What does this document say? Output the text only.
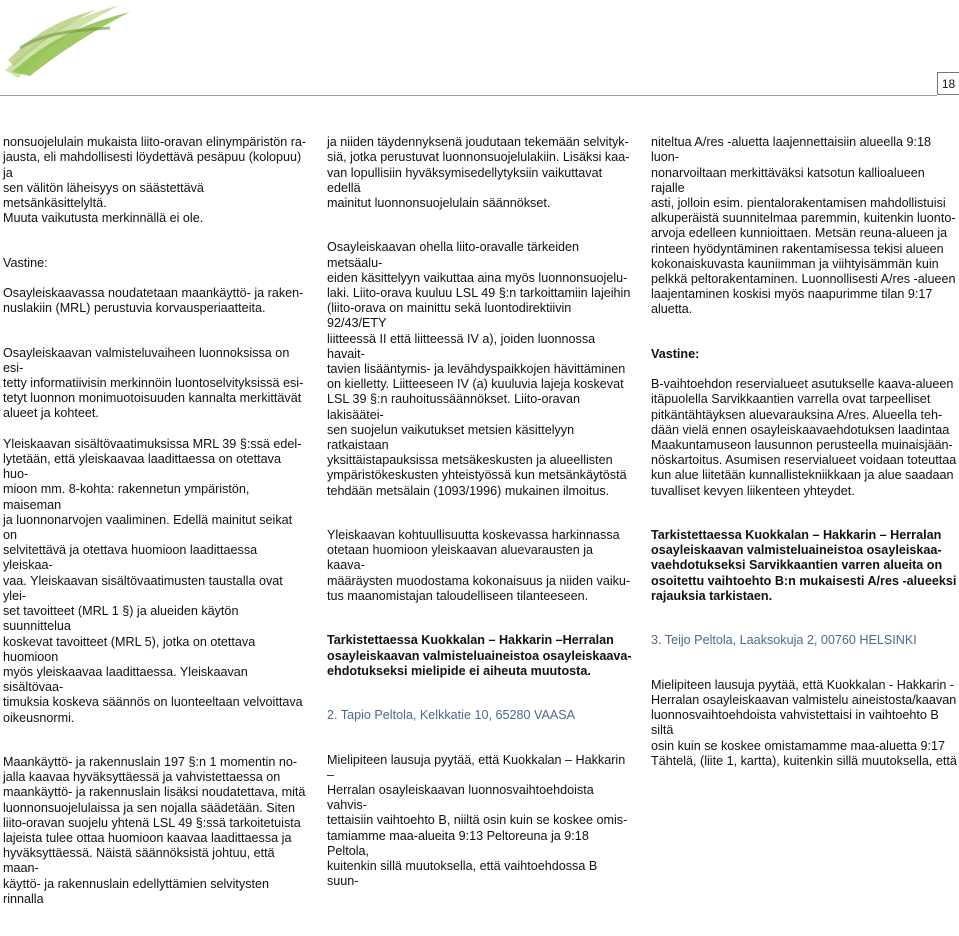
18

nonsuojelulain mukaista liito-oravan elinympäristön ra-
jausta, eli mahdollisesti löydettävä pesäpuu (kolopuu) ja
sen välitön läheisyys on säästettävä metsänkäsittelyltä.
Muuta vaikutusta merkinnällä ei ole.

Vastine:

Osayleiskaavassa noudatetaan maankäyttö- ja raken-
nuslakiin (MRL) perustuvia korvausperiaatteita.

Osayleiskaavan valmisteluvaiheen luonnoksissa on esi-
tetty informatiivisin merkinnöin luontoselvityksissä esi-
tetyt luonnon monimuotoisuuden kannalta merkittävät
alueet ja kohteet.

Yleiskaavan sisältövaatimuksissa MRL 39 §:ssä edel-
lytetään, että yleiskaavaa laadittaessa on otettava huo-
mioon mm. 8-kohta: rakennetun ympäristön, maiseman
ja luonnonarvojen vaaliminen. Edellä mainitut seikat on
selvitettävä ja otettava huomioon laadittaessa yleiskaa-
vaa. Yleiskaavan sisältövaatimusten taustalla ovat ylei-
set tavoitteet (MRL 1 §) ja alueiden käytön suunnittelua
koskevat tavoitteet (MRL 5), jotka on otettava huomioon
myös yleiskaavaa laadittaessa. Yleiskaavan sisältövaa-
timuksia koskeva säännös on luonteeltaan velvoittava
oikeusnormi.

Maankäyttö- ja rakennuslain 197 §:n 1 momentin no-
jalla kaavaa hyväksyttäessä ja vahvistettaessa on
maankäyttö- ja rakennuslain lisäksi noudatettava, mitä
luonnonsuojelulaissa ja sen nojalla säädetään. Siten
liito-oravan suojelu yhtenä LSL 49 §:ssä tarkoitetuista
lajeista tulee ottaa huomioon kaavaa laadittaessa ja
hyväksyttäessä. Näistä säännöksistä johtuu, että maan-
käyttö- ja rakennuslain edellyttämien selvitysten rinnalla

ja niiden täydennyksenä joudutaan tekemään selvityk-
siä, jotka perustuvat luonnonsuojelulakiin. Lisäksi kaa-
van lopullisiin hyväksymisedellytyksiin vaikuttavat edellä
mainitut luonnonsuojelulain säännökset.

Osayleiskaavan ohella liito-oravalle tärkeiden metsäalu-
eiden käsittelyyn vaikuttaa aina myös luonnonsuojelu-
laki. Liito-orava kuuluu LSL 49 §:n tarkoittamiin lajeihin
(liito-orava on mainittu sekä luontodirektiivin 92/43/ETY
liitteessä II että liitteessä IV a), joiden luonnossa havait-
tavien lisääntymis- ja levähdyspaikkojen hävittäminen
on kielletty. Liitteeseen IV (a) kuuluvia lajeja koskevat
LSL 39 §:n rauhoitussäännökset. Liito-oravan lakisäätei-
sen suojelun vaikutukset metsien käsittelyyn ratkaistaan
yksittäistapauksissa metsäkeskusten ja alueellisten
ympäristökeskusten yhteistyössä kun metsänkäytöstä
tehdään metsälain (1093/1996) mukainen ilmoitus.

Yleiskaavan kohtuullisuutta koskevassa harkinnassa
otetaan huomioon yleiskaavan aluevarausten ja kaava-
määräysten muodostama kokonaisuus ja niiden vaiku-
tus maanomistajan taloudelliseen tilanteeseen.

Tarkistettaessa Kuokkalan – Hakkarin –Herralan
osayleiskaavan valmisteluaineistoa osayleiskaava-
ehdotukseksi mielipide ei aiheuta muutosta.

2. Tapio Peltola, Kelkkatie 10, 65280 VAASA

Mielipiteen lausuja pyytää, että Kuokkalan – Hakkarin –
Herralan osayleiskaavan luonnosvaihtoehdoista vahvis-
tettaisiin vaihtoehto B, niiltä osin kuin se koskee omis-
tamiamme maa-alueita 9:13 Peltoreuna ja 9:18 Peltola,
kuitenkin sillä muutoksella, että vaihtoehdossa B suun-

niteltua A/res -aluetta laajennettaisiin alueella 9:18 luon-
nonarvoiltaan merkittäväksi katsotun kallioalueen rajalle
asti, jolloin esim. pientalorakentamisen mahdollistuisi
alkuperäistä suunnitelmaa paremmin, kuitenkin luonto-
arvoja edelleen kunnioittaen. Metsän reuna-alueen ja
rinteen hyödyntäminen rakentamisessa tekisi alueen
kokonaiskuvasta kauniimman ja viihtyisämmän kuin
pelkkä peltorakentaminen. Luonnollisesti A/res -alueen
laajentaminen koskisi myös naapurimme tilan 9:17
aluetta.

Vastine:

B-vaihtoehdon reservialueet asutukselle kaava-alueen
itäpuolella Sarvikkaantien varrella ovat tarpeelliset
pitkäntähtäyksen aluevarauksina A/res. Alueella teh-
dään vielä ennen osayleiskaavaehdotuksen laadintaa
Maakuntamuseon lausunnon perusteella muinaisjään-
nöskartoitus. Asumisen reservialueet voidaan toteuttaa
kun alue liitetään kunnallistekniikkaan ja alue saadaan
tuvalliset kevyen liikenteen yhteydet.

Tarkistettaessa Kuokkalan – Hakkarin – Herralan
osayleiskaavan valmisteluaineistoa osayleiskaa-
vaehdotukseksi Sarvikkaantien varren alueita on
osoitettu vaihtoehto B:n mukaisesti A/res -alueeksi
rajauksia tarkistaen.

3. Teijo Peltola, Laaksokuja 2, 00760 HELSINKI

Mielipiteen lausuja pyytää, että Kuokkalan - Hakkarin -
Herralan osayleiskaavan valmistelu aineistosta/kaavan
luonnosvaihtoehdoista vahvistettaisi in vaihtoehto B siltä
osin kuin se koskee omistamamme maa-aluetta 9:17
Tähtelä, (liite 1, kartta), kuitenkin sillä muutoksella, että
